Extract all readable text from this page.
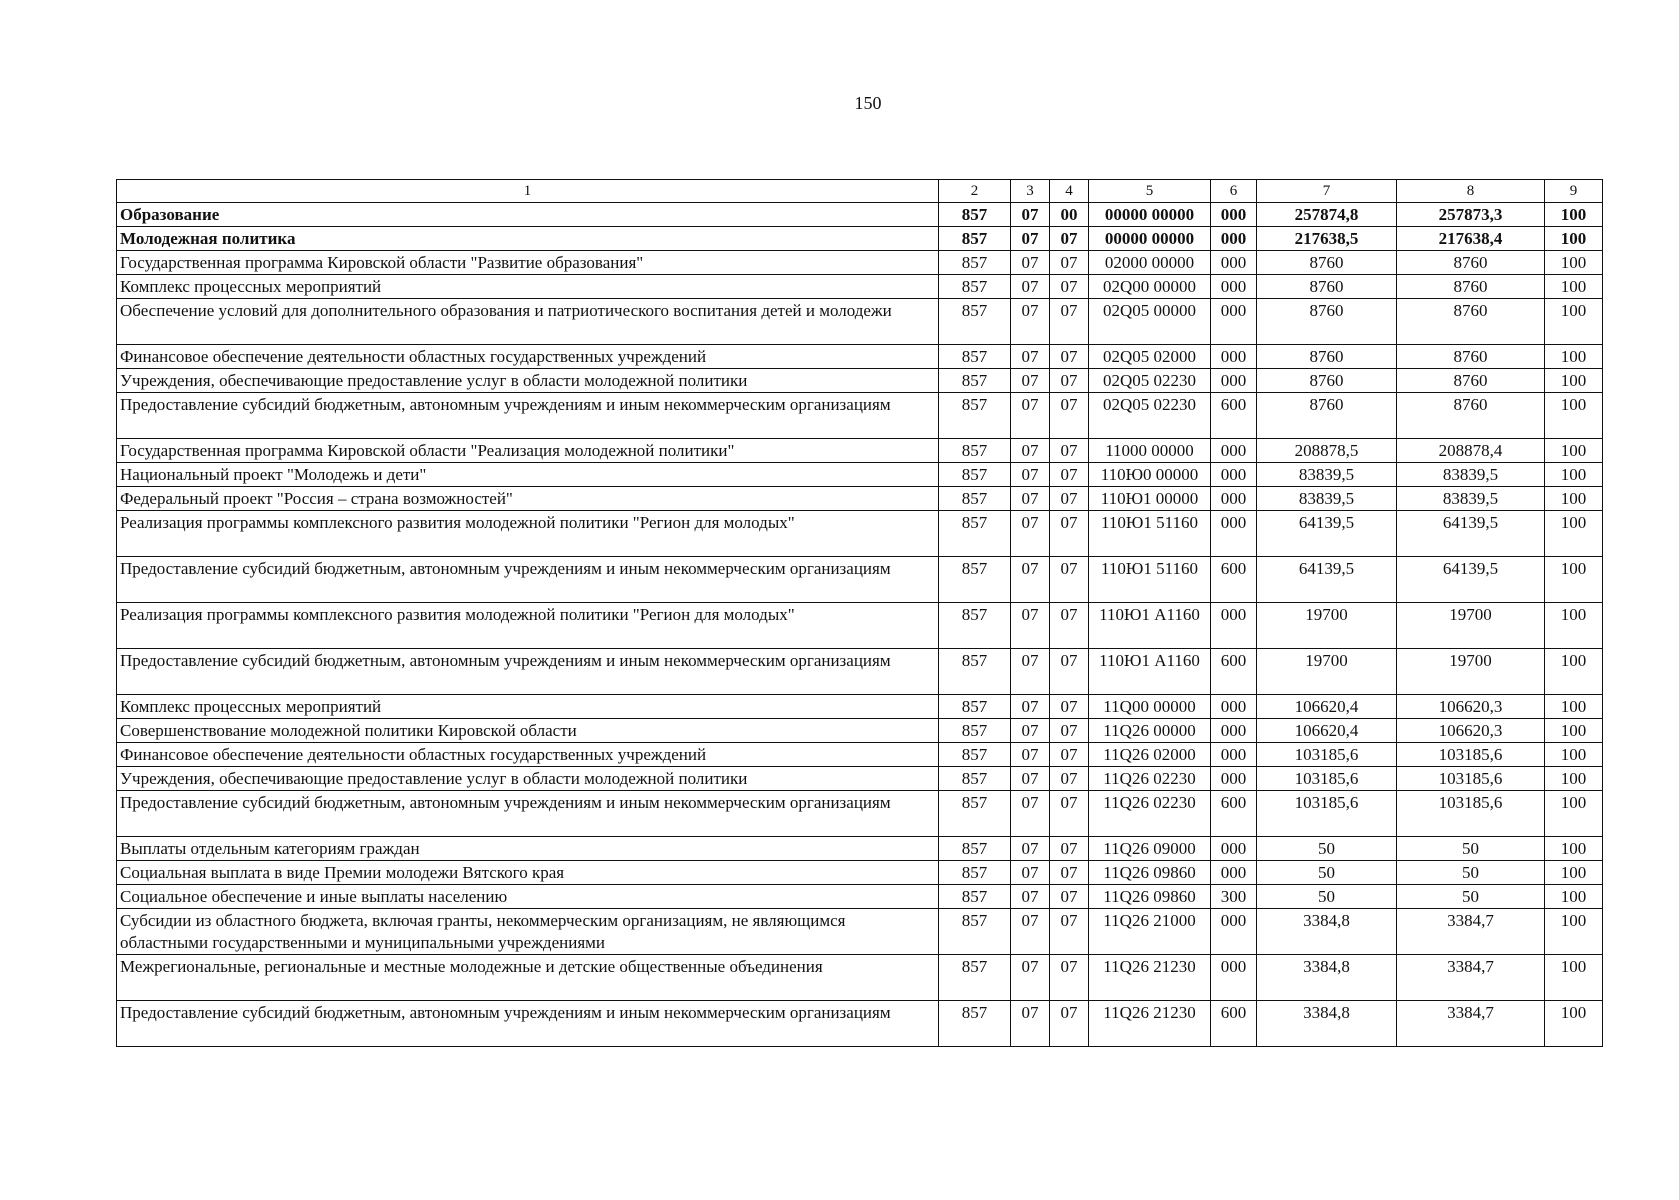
150
1	2	3	4	5	6	7	8	9
Образование	857	07	00	00000 00000	000	257874,8	257873,3	100
Молодежная политика	857	07	07	00000 00000	000	217638,5	217638,4	100
Государственная программа Кировской области "Развитие образования"	857	07	07	02000 00000	000	8760	8760	100
Комплекс процессных мероприятий	857	07	07	02Q00 00000	000	8760	8760	100
Обеспечение условий для дополнительного образования и патриотического воспитания детей и молодежи	857	07	07	02Q05 00000	000	8760	8760	100
Финансовое обеспечение деятельности областных государственных учреждений	857	07	07	02Q05 02000	000	8760	8760	100
Учреждения, обеспечивающие предоставление услуг в области молодежной политики	857	07	07	02Q05 02230	000	8760	8760	100
Предоставление субсидий бюджетным, автономным учреждениям и иным некоммерческим организациям	857	07	07	02Q05 02230	600	8760	8760	100
Государственная программа Кировской области "Реализация молодежной политики"	857	07	07	11000 00000	000	208878,5	208878,4	100
Национальный проект "Молодежь и дети"	857	07	07	110Ю0 00000	000	83839,5	83839,5	100
Федеральный проект "Россия – страна возможностей"	857	07	07	110Ю1 00000	000	83839,5	83839,5	100
Реализация программы комплексного развития молодежной политики "Регион для молодых"	857	07	07	110Ю1 51160	000	64139,5	64139,5	100
Предоставление субсидий бюджетным, автономным учреждениям и иным некоммерческим организациям	857	07	07	110Ю1 51160	600	64139,5	64139,5	100
Реализация программы комплексного развития молодежной политики "Регион для молодых"	857	07	07	110Ю1 A1160	000	19700	19700	100
Предоставление субсидий бюджетным, автономным учреждениям и иным некоммерческим организациям	857	07	07	110Ю1 A1160	600	19700	19700	100
Комплекс процессных мероприятий	857	07	07	11Q00 00000	000	106620,4	106620,3	100
Совершенствование молодежной политики Кировской области	857	07	07	11Q26 00000	000	106620,4	106620,3	100
Финансовое обеспечение деятельности областных государственных учреждений	857	07	07	11Q26 02000	000	103185,6	103185,6	100
Учреждения, обеспечивающие предоставление услуг в области молодежной политики	857	07	07	11Q26 02230	000	103185,6	103185,6	100
Предоставление субсидий бюджетным, автономным учреждениям и иным некоммерческим организациям	857	07	07	11Q26 02230	600	103185,6	103185,6	100
Выплаты отдельным категориям граждан	857	07	07	11Q26 09000	000	50	50	100
Социальная выплата в виде Премии молодежи Вятского края	857	07	07	11Q26 09860	000	50	50	100
Социальное обеспечение и иные выплаты населению	857	07	07	11Q26 09860	300	50	50	100
Субсидии из областного бюджета, включая гранты, некоммерческим организациям, не являющимся областными государственными и муниципальными учреждениями	857	07	07	11Q26 21000	000	3384,8	3384,7	100
Межрегиональные, региональные и местные молодежные и детские общественные объединения	857	07	07	11Q26 21230	000	3384,8	3384,7	100
Предоставление субсидий бюджетным, автономным учреждениям и иным некоммерческим организациям	857	07	07	11Q26 21230	600	3384,8	3384,7	100
